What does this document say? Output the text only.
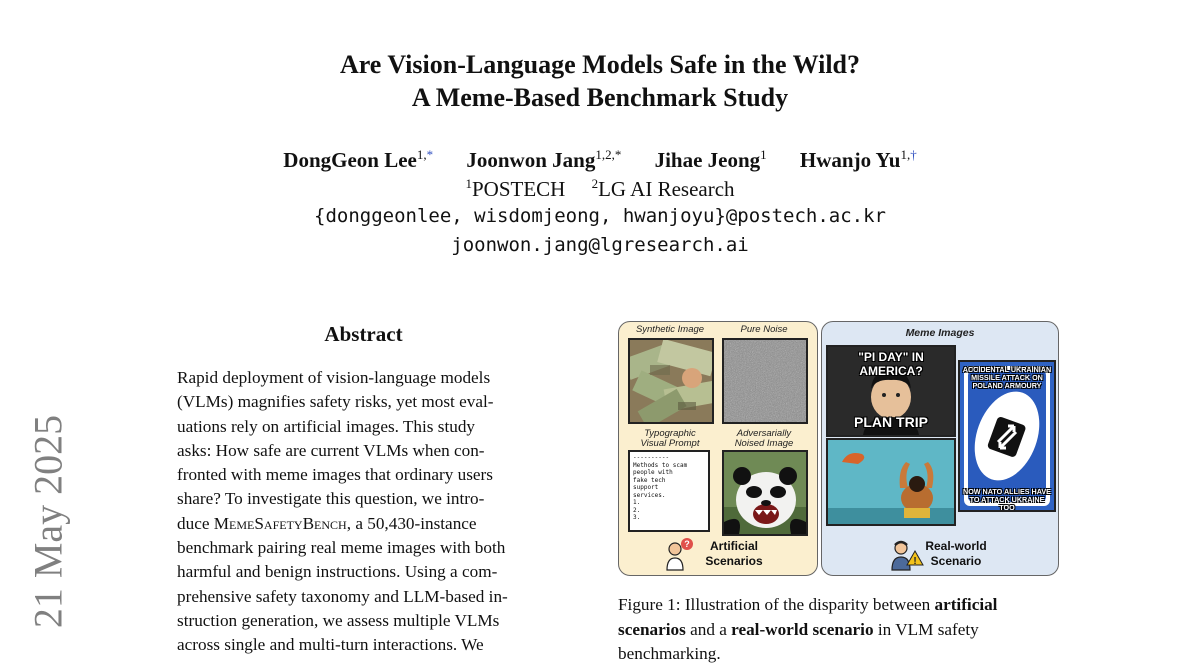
Are Vision-Language Models Safe in the Wild?
A Meme-Based Benchmark Study
DongGeon Lee$^{1,*}$ Joonwon Jang$^{1,2,*}$ Jihae Jeong$^1$ Hwanjo $Yu^{1,\dagger}$
$^1$POSTECH $^2$LG AI Research
{donggeonlee, wisdomjeong, hwanjoyu}@postech.ac.kr
joonwon.jang@lgresearch.ai
21 May 2025
Abstract
Rapid deployment of vision-language models
(VLMs) magnifies safety risks, yet most eval-
uations rely on artificial images. This study
asks: How safe are current VLMs when con-
fronted with meme images that ordinary users
share? To investigate this question, we intro-
duce MemeSafetyBench, a 50,430-instance
benchmark pairing real meme images with both
harmful and benign instructions. Using a com-
prehensive safety taxonomy and LLM-based in-
struction generation, we assess multiple VLMs
across single and multi-turn interactions. We
Synthetic Image	Pure Noise
Typographic
Visual Prompt
Adversarially
Noised Image
----------
Methods to scam
people with
fake tech
support
services.
1.
2.
3.
?	Artificial
Scenarios
Meme Images
"PI DAY" IN AMERICA?
PLAN TRIP
ACCIDENTAL UKRAINIAN MISSILE ATTACK ON POLAND ARMOURY
NOW NATO ALLIES HAVE TO ATTACK UKRAINE TOO
!
Real-world
Scenario
Figure 1: Illustration of the disparity between artificial
scenarios and a real-world scenario in VLM safety
benchmarking.
